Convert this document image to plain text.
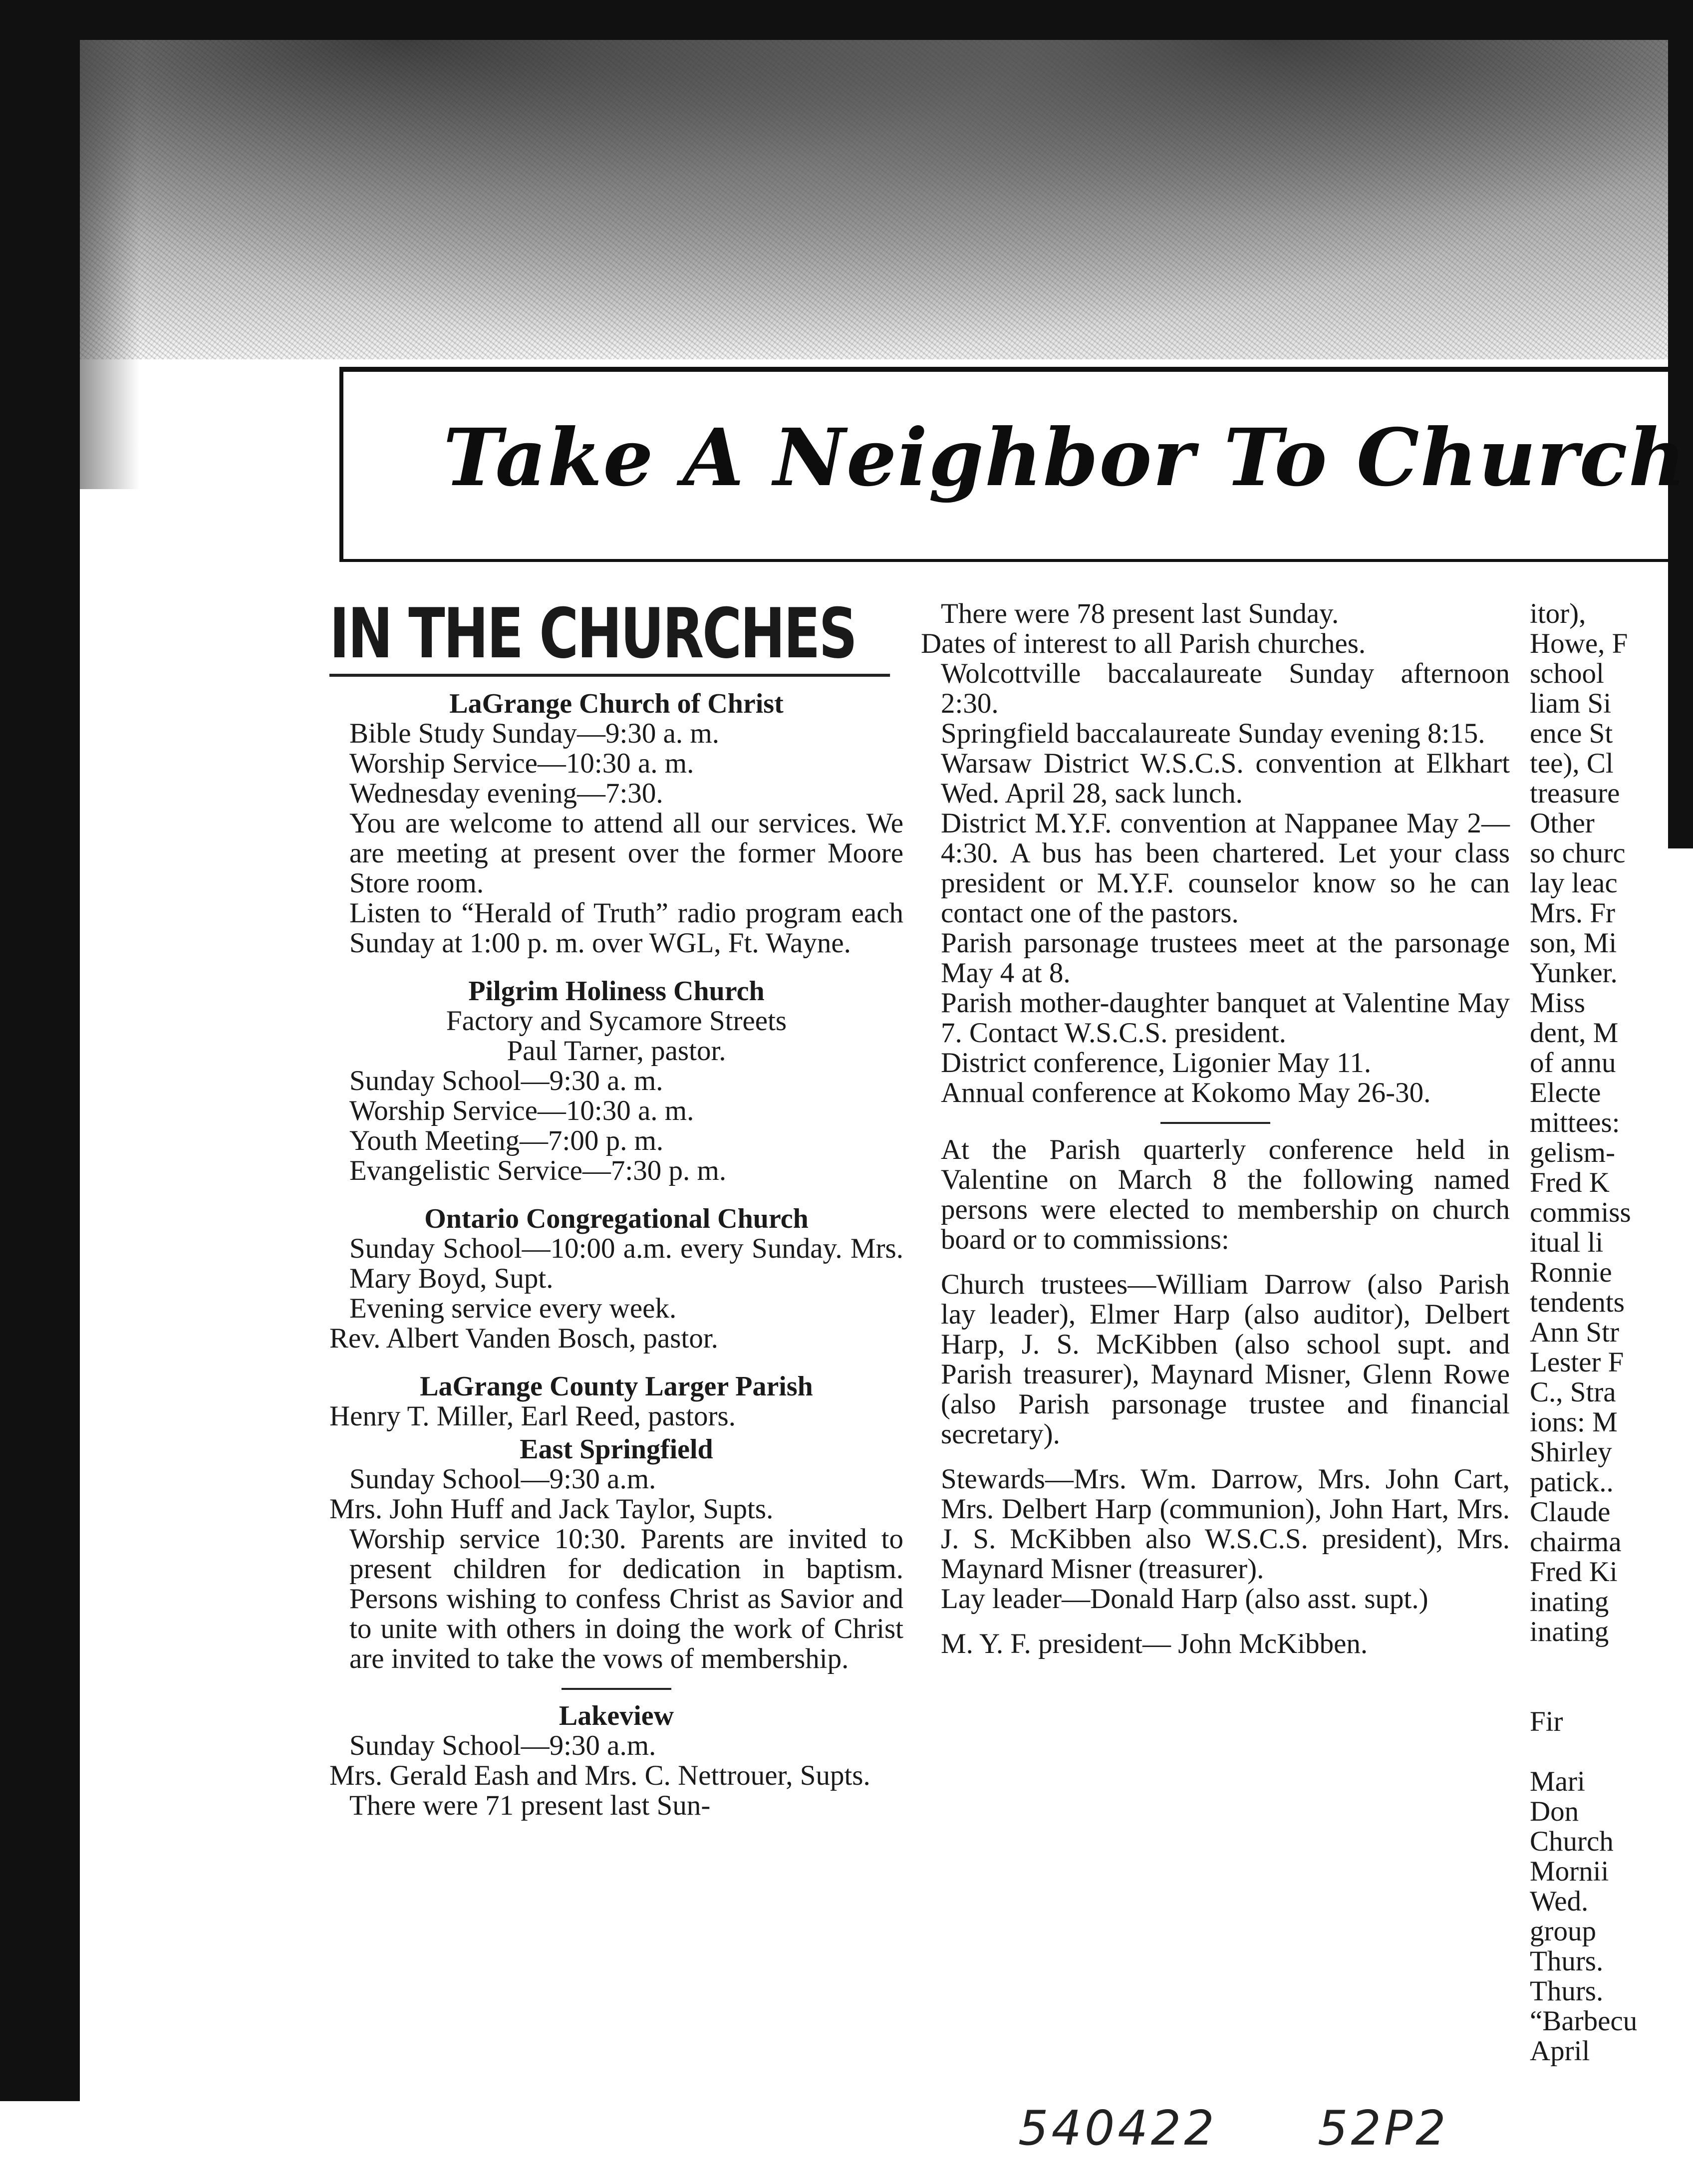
Take A Neighbor To Church
IN THE CHURCHES
LaGrange Church of Christ
Bible Study Sunday—9:30 a. m.
Worship Service—10:30 a. m.
Wednesday evening—7:30.
You are welcome to attend all our services. We are meeting at present over the former Moore Store room.
Listen to “Herald of Truth” radio program each Sunday at 1:00 p. m. over WGL, Ft. Wayne.
Pilgrim Holiness Church
Factory and Sycamore Streets
Paul Tarner, pastor.
Sunday School—9:30 a. m.
Worship Service—10:30 a. m.
Youth Meeting—7:00 p. m.
Evangelistic Service—7:30 p. m.
Ontario Congregational Church
Sunday School—10:00 a.m. every Sunday. Mrs. Mary Boyd, Supt.
Evening service every week.
Rev. Albert Vanden Bosch, pastor.
LaGrange County Larger Parish
Henry T. Miller, Earl Reed, pastors.
East Springfield
Sunday School—9:30 a.m.
Mrs. John Huff and Jack Taylor, Supts.
Worship service 10:30. Parents are invited to present children for dedication in baptism. Persons wishing to confess Christ as Savior and to unite with others in doing the work of Christ are invited to take the vows of membership.
Lakeview
Sunday School—9:30 a.m.
Mrs. Gerald Eash and Mrs. C. Nettrouer, Supts.
There were 71 present last Sun-
There were 78 present last Sunday.
Dates of interest to all Parish churches.
Wolcottville baccalaureate Sunday afternoon 2:30.
Springfield baccalaureate Sunday evening 8:15.
Warsaw District W.S.C.S. convention at Elkhart Wed. April 28, sack lunch.
District M.Y.F. convention at Nappanee May 2—4:30. A bus has been chartered. Let your class president or M.Y.F. counselor know so he can contact one of the pastors.
Parish parsonage trustees meet at the parsonage May 4 at 8.
Parish mother-daughter banquet at Valentine May 7. Contact W.S.C.S. president.
District conference, Ligonier May 11.
Annual conference at Kokomo May 26-30.
At the Parish quarterly conference held in Valentine on March 8 the following named persons were elected to membership on church board or to commissions:
Church trustees—William Darrow (also Parish lay leader), Elmer Harp (also auditor), Delbert Harp, J. S. McKibben (also school supt. and Parish treasurer), Maynard Misner, Glenn Rowe (also Parish parsonage trustee and financial secretary).
Stewards—Mrs. Wm. Darrow, Mrs. John Cart, Mrs. Delbert Harp (communion), John Hart, Mrs. J. S. McKibben also W.S.C.S. president), Mrs. Maynard Misner (treasurer).
Lay leader—Donald Harp (also asst. supt.)
M. Y. F. president— John McKibben.
itor),
Howe, F
school
liam Si
ence St
tee), Cl
treasure
Other
so churc
lay leac
Mrs. Fr
son, Mi
Yunker.
Miss
dent, M
of annu
Electe
mittees:
gelism-
Fred K
commiss
itual li
Ronnie
tendents
Ann Str
Lester F
C., Stra
ions: M
Shirley
patick..
Claude
chairma
Fred Ki
inating
inating

Fir

Mari
Don
Church
Mornii
Wed.
group
Thurs.
Thurs.
“Barbecu
April
540422 52P2
